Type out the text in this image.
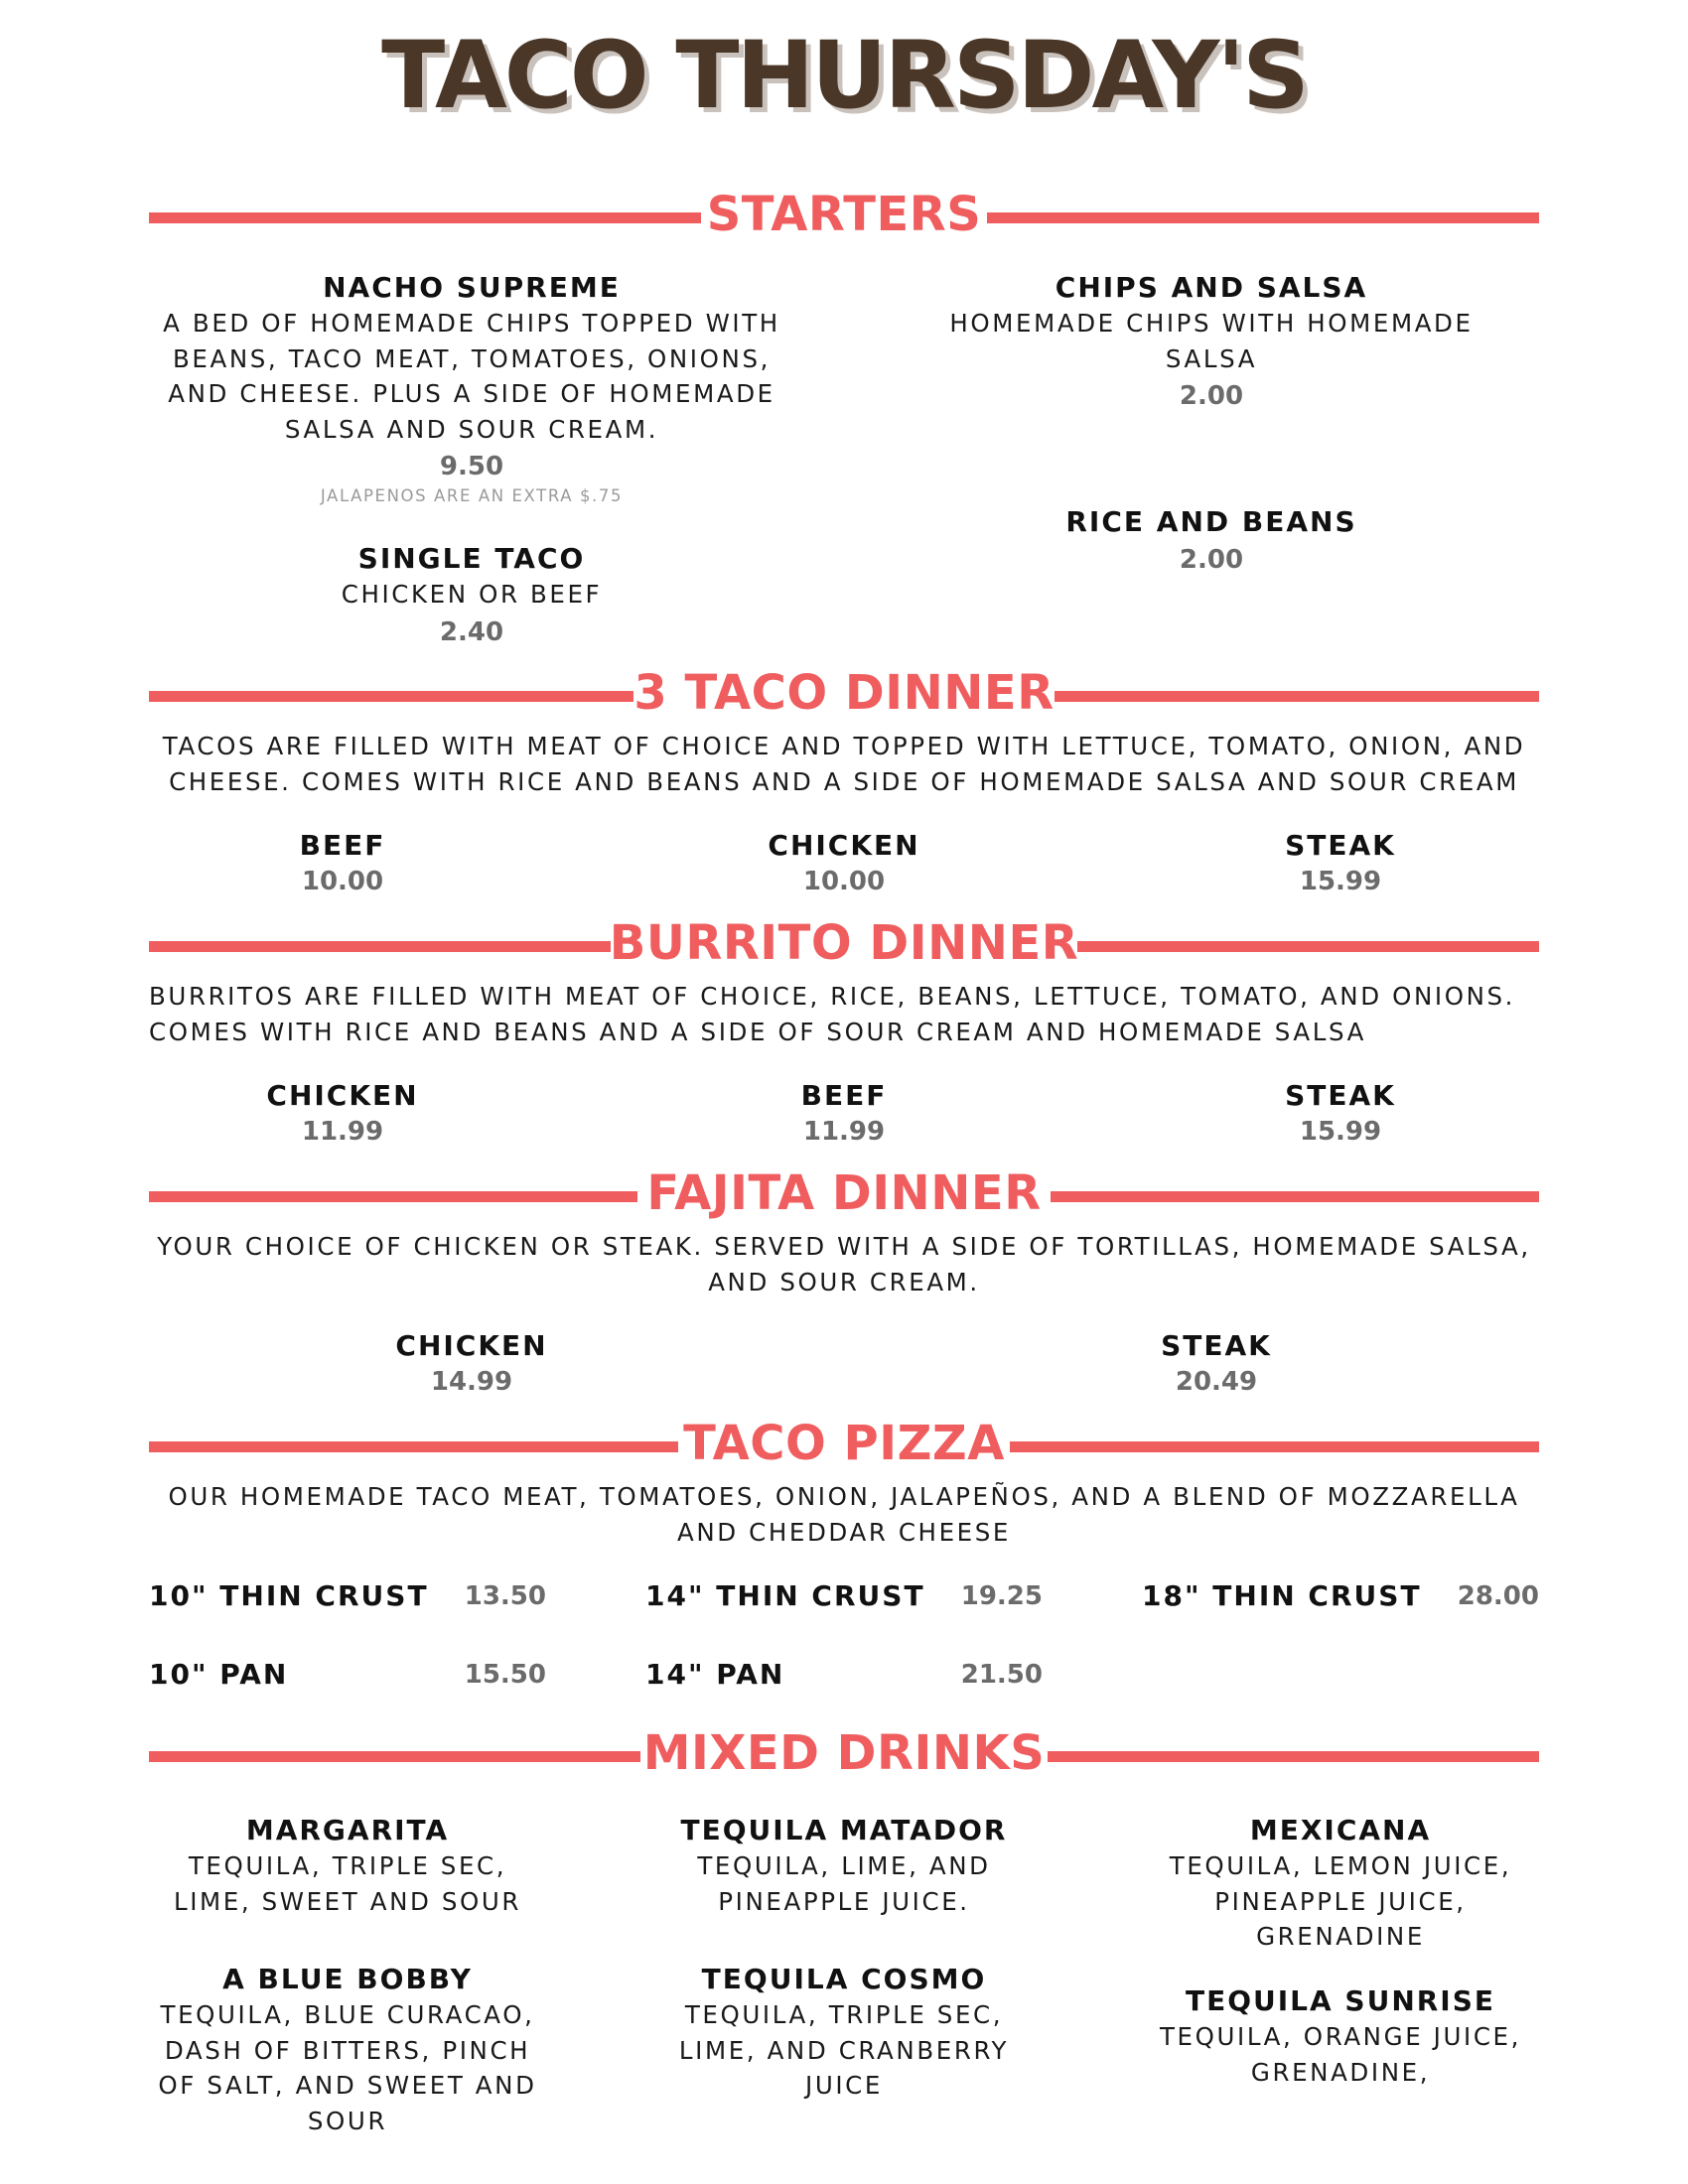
TACO THURSDAY'S
STARTERS
NACHO SUPREME
A BED OF HOMEMADE CHIPS TOPPED WITH
BEANS, TACO MEAT, TOMATOES, ONIONS,
AND CHEESE. PLUS A SIDE OF HOMEMADE
SALSA AND SOUR CREAM.
9.50
JALAPENOS ARE AN EXTRA $.75
CHIPS AND SALSA
HOMEMADE CHIPS WITH HOMEMADE
SALSA
2.00
SINGLE TACO
CHICKEN OR BEEF
2.40
RICE AND BEANS
2.00
3 TACO DINNER
TACOS ARE FILLED WITH MEAT OF CHOICE AND TOPPED WITH LETTUCE, TOMATO, ONION, AND
CHEESE. COMES WITH RICE AND BEANS AND A SIDE OF HOMEMADE SALSA AND SOUR CREAM
BEEF
10.00
CHICKEN
10.00
STEAK
15.99
BURRITO DINNER
BURRITOS ARE FILLED WITH MEAT OF CHOICE, RICE, BEANS, LETTUCE, TOMATO, AND ONIONS.
COMES WITH RICE AND BEANS AND A SIDE OF SOUR CREAM AND HOMEMADE SALSA
CHICKEN
11.99
BEEF
11.99
STEAK
15.99
FAJITA DINNER
YOUR CHOICE OF CHICKEN OR STEAK. SERVED WITH A SIDE OF TORTILLAS, HOMEMADE SALSA,
AND SOUR CREAM.
CHICKEN
14.99
STEAK
20.49
TACO PIZZA
OUR HOMEMADE TACO MEAT, TOMATOES, ONION, JALAPEÑOS, AND A BLEND OF MOZZARELLA
AND CHEDDAR CHEESE
10" THIN CRUST	13.50	14" THIN CRUST	19.25	18" THIN CRUST	28.00
10" PAN	15.50	14" PAN	21.50
MIXED DRINKS
MARGARITA
TEQUILA, TRIPLE SEC,
LIME, SWEET AND SOUR
TEQUILA MATADOR
TEQUILA, LIME, AND
PINEAPPLE JUICE.
MEXICANA
TEQUILA, LEMON JUICE,
PINEAPPLE JUICE,
GRENADINE
A BLUE BOBBY
TEQUILA, BLUE CURACAO,
DASH OF BITTERS, PINCH
OF SALT, AND SWEET AND
SOUR
TEQUILA COSMO
TEQUILA, TRIPLE SEC,
LIME, AND CRANBERRY
JUICE
TEQUILA SUNRISE
TEQUILA, ORANGE JUICE,
GRENADINE,
